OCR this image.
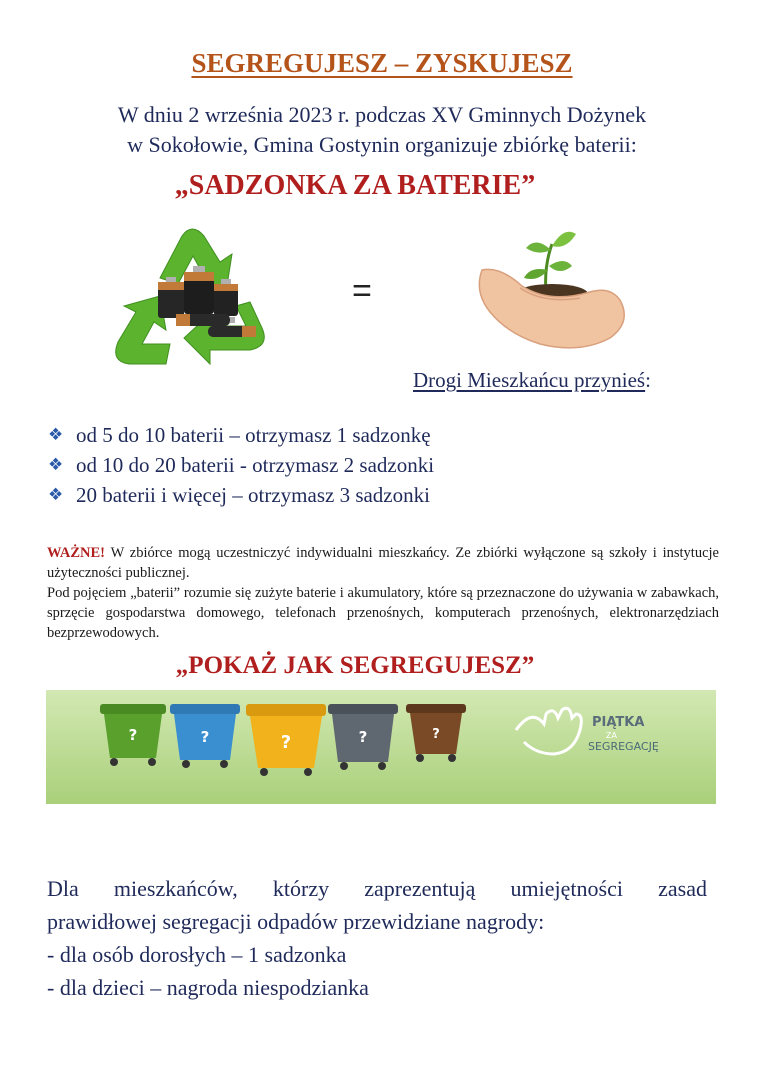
SEGREGUJESZ – ZYSKUJESZ
W dniu 2 września 2023 r. podczas XV Gminnych Dożynek
w Sokołowie, Gmina Gostynin organizuje zbiórkę baterii:
„SADZONKA ZA BATERIE”
=
Drogi Mieszkańcu przynieś:
❖ od 5 do 10 baterii – otrzymasz 1 sadzonkę
❖ od 10 do 20 baterii - otrzymasz 2 sadzonki
❖ 20 baterii i więcej – otrzymasz 3 sadzonki

WAŻNE! W zbiórce mogą uczestniczyć indywidualni mieszkańcy. Ze zbiórki wyłączone są szkoły i instytucje użyteczności publicznej.

Pod pojęciem „baterii” rozumie się zużyte baterie i akumulatory, które są przeznaczone do używania w zabawkach, sprzęcie gospodarstwa domowego, telefonach przenośnych, komputerach przenośnych, elektronarzędziach bezprzewodowych.

„POKAŻ JAK SEGREGUJESZ”
?	?	?	?	?
PIĄTKA
ZA
SEGREGACJĘ

Dla mieszkańców, którzy zaprezentują umiejętności zasad

prawidłowej segregacji odpadów przewidziane nagrody:

- dla osób dorosłych – 1 sadzonka

- dla dzieci – nagroda niespodzianka
